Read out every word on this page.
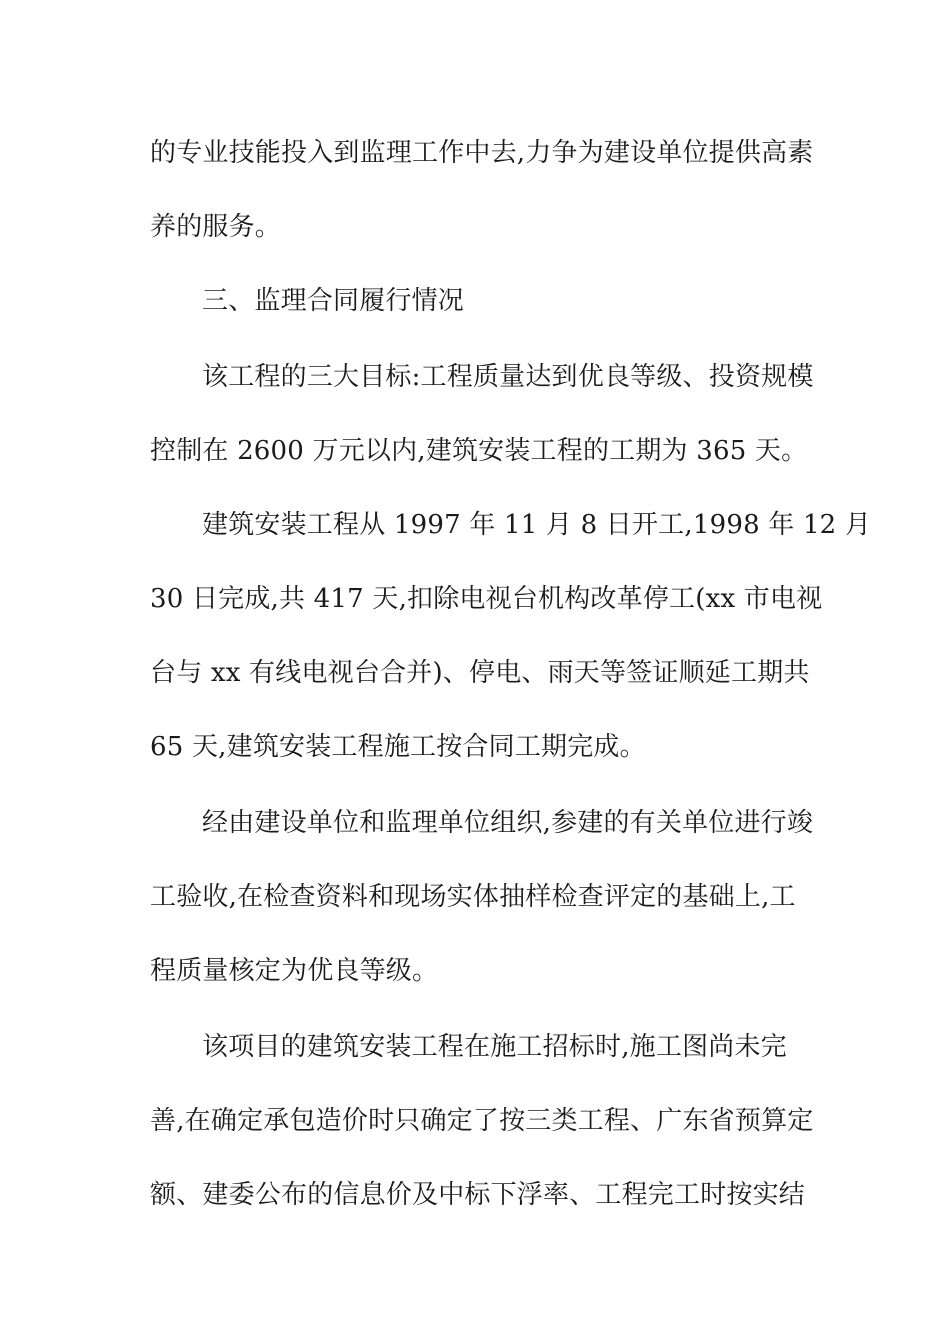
的专业技能投入到监理工作中去,力争为建设单位提供高素
养的服务。
三、监理合同履行情况
该工程的三大目标:工程质量达到优良等级、投资规模
控制在 2600 万元以内,建筑安装工程的工期为 365 天。
建筑安装工程从 1997 年 11 月 8 日开工,1998 年 12 月
30 日完成,共 417 天,扣除电视台机构改革停工(xx 市电视
台与 xx 有线电视台合并)、停电、雨天等签证顺延工期共
65 天,建筑安装工程施工按合同工期完成。
经由建设单位和监理单位组织,参建的有关单位进行竣
工验收,在检查资料和现场实体抽样检查评定的基础上,工
程质量核定为优良等级。
该项目的建筑安装工程在施工招标时,施工图尚未完
善,在确定承包造价时只确定了按三类工程、广东省预算定
额、建委公布的信息价及中标下浮率、工程完工时按实结
